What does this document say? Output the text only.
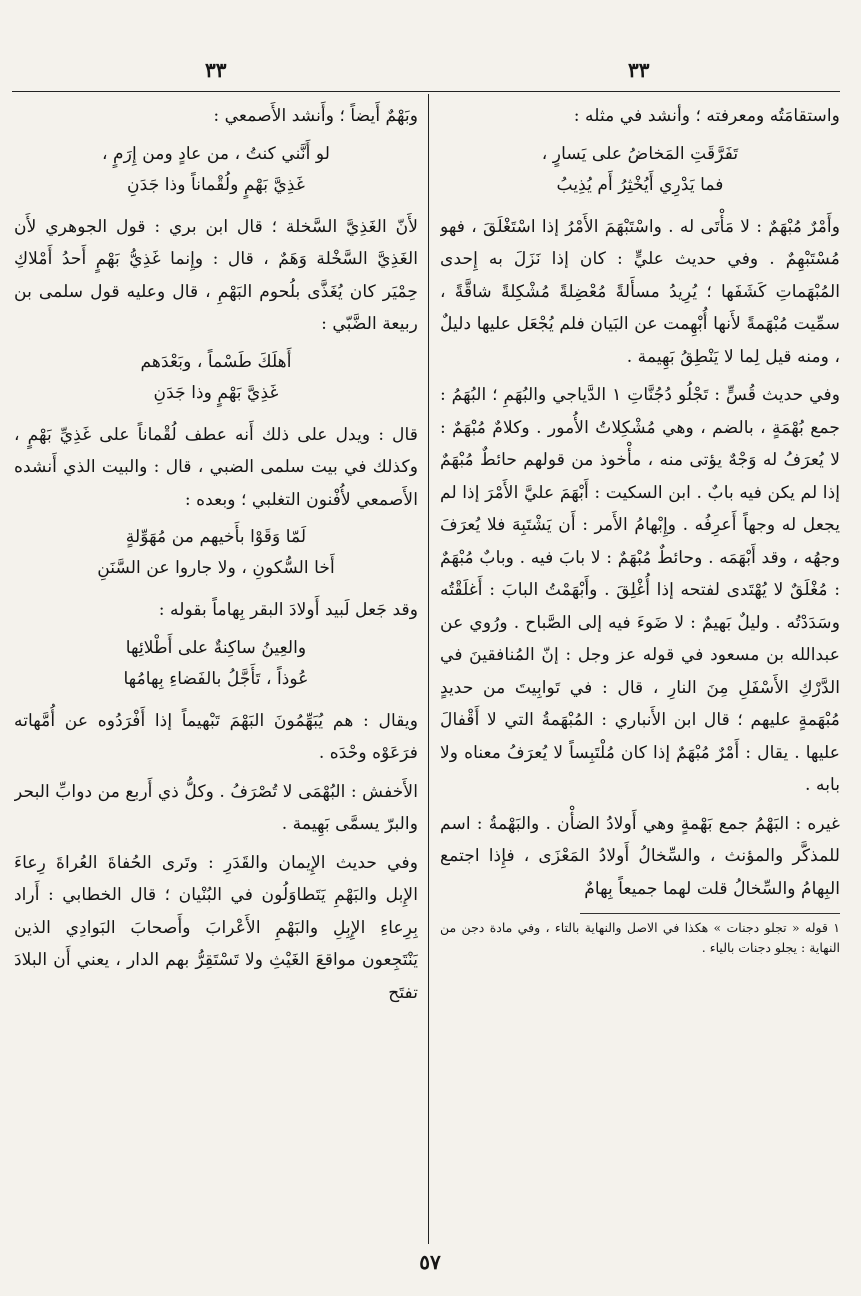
٣٣	٣٣

واستقامَتُه ومعرفته ؛ وأنشد في مثله :

تَفَرَّقَتِ المَخاضُ على يَسارٍ ،
فما يَدْرِي أَيُخْثِرُ أَم يُذِيبُ

وأَمْرٌ مُبْهَمٌ : لا مَأْتَى له . واسْتَبْهَمَ الأَمْرُ إذا اسْتَغْلَقَ ، فهو مُسْتَبْهِمٌ . وفي حديث عليٍّ : كان إذا نَزَلَ به إِحدى المُبْهَماتِ كَشَفَها ؛ يُرِيدُ مسأَلةً مُعْضِلةً مُشْكِلةً شاقَّةً ، سمِّيت مُبْهَمةً لأَنها أُبْهِمت عن البَيان فلم يُجْعَل عليها دليلٌ ، ومنه قيل لِما لا يَنْطِقُ بَهِيمة .

وفي حديث قُسٍّ : تَجْلُو دُجُنَّاتِ ١ الدَّياجي والبُهَمِ ؛ البُهَمُ : جمع بُهْمَةٍ ، بالضم ، وهي مُشْكِلاتُ الأُمور . وكلامٌ مُبْهَمٌ : لا يُعرَفُ له وَجْهٌ يؤتى منه ، مأْخوذ من قولهم حائطٌ مُبْهَمٌ إذا لم يكن فيه بابٌ . ابن السكيت : أَبْهَمَ عليَّ الأَمْرَ إذا لم يجعل له وجهاً أَعرِفُه . وإِبْهامُ الأَمر : أَن يَشْتَبِهَ فلا يُعرَفَ وجهُه ، وقد أَبْهَمَه . وحائطٌ مُبْهَمٌ : لا بابَ فيه . وبابٌ مُبْهَمٌ : مُغْلَقٌ لا يُهْتَدى لفتحه إذا أُغْلِقَ . وأَبْهَمْتُ البابَ : أَغلَقْتُه وسَدَدْتُه . وليلٌ بَهيمٌ : لا ضَوءَ فيه إلى الصَّباح . ورُوي عن عبدالله بن مسعود في قوله عز وجل : إنّ المُنافقينَ في الدَّرْكِ الأَسْفَلِ مِنَ النارِ ، قال : في تَوابِيتَ من حديدٍ مُبْهَمةٍ عليهم ؛ قال ابن الأَنباري : المُبْهَمةُ التي لا أَقْفالَ عليها . يقال : أَمْرٌ مُبْهَمٌ إذا كان مُلْتَبِساً لا يُعرَفُ معناه ولا بابه .

غيره : البَهْمُ جمع بَهْمةٍ وهي أَولادُ الضأْن . والبَهْمةُ : اسم للمذكَّر والمؤنث ، والسِّخالُ أَولادُ المَعْزَى ، فإِذا اجتمع البِهامُ والسِّخالُ قلت لهما جميعاً بِهامٌ

١ قوله « تجلو دجنات » هكذا في الاصل والنهاية بالتاء ، وفي مادة دجن من النهاية : يجلو دجنات بالياء .

وبَهْمٌ أَيضاً ؛ وأَنشد الأَصمعي :

لو أَنَّني كنتُ ، من عادٍ ومن إِرَمٍ ،
غَذِيَّ بَهْمٍ ولُقْماناً وذا جَدَنِ

لأَنّ الغَذِيَّ السَّخلة ؛ قال ابن بري : قول الجوهري لأَن الغَذِيَّ السَّخْلة وَهَمٌ ، قال : وإِنما غَذِيُّ بَهْمٍ أَحدُ أَمْلاكِ حِمْيَر كان يُغَذَّى بلُحوم البَهْمِ ، قال وعليه قول سلمى بن ربيعة الضَّبّي :

أَهلَكَ طَسْماً ، وبَعْدَهم
غَذِيَّ بَهْمٍ وذا جَدَنِ

قال : ويدل على ذلك أَنه عطف لُقْماناً على غَذِيِّ بَهْمٍ ، وكذلك في بيت سلمى الضبي ، قال : والبيت الذي أَنشده الأَصمعي لأُفْنون التغلبي ؛ وبعده :

لَمّا وَقَوْا بأَخيهم من مُهَوِّلةٍ
أَخا السُّكونِ ، ولا جاروا عن السَّنَنِ

وقد جَعل لَبيد أَولادَ البقر بِهاماً بقوله :

والعِينُ ساكِنةٌ على أَطْلائِها
عُوذاً ، تَأَجَّلُ بالفَضاءِ بِهامُها

ويقال : هم يُبَهِّمُونَ البَهْمَ تَبْهيماً إذا أَفْرَدُوه عن أُمَّهاته فرَعَوْه وحْدَه .

الأَخفش : البُهْمَى لا تُصْرَفُ . وكلُّ ذي أَربع من دوابِّ البحر والبرّ يسمَّى بَهِيمة .

وفي حديث الإِيمان والقَدَرِ : وتَرى الحُفاةَ العُراةَ رِعاءَ الإِبل والبَهْمِ يَتَطاوَلُون في البُنْيان ؛ قال الخطابي : أَراد بِرِعاءِ الإِبِلِ والبَهْمِ الأَعْرابَ وأَصحابَ البَوادِي الذين يَنْتَجِعون مواقعَ الغَيْثِ ولا تَسْتَقِرُّ بهم الدار ، يعني أَن البلادَ تفتَح

٥٧
